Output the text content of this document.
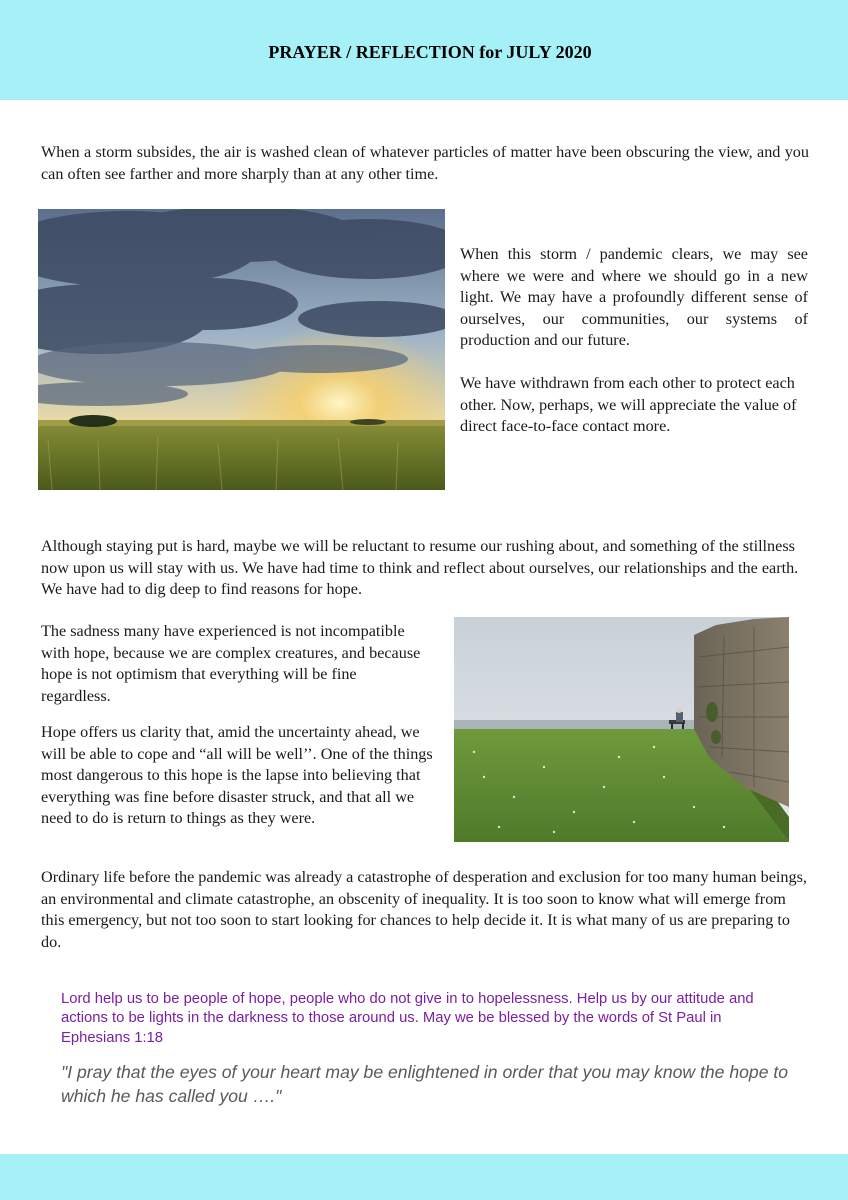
PRAYER / REFLECTION for JULY 2020

When a storm subsides, the air is washed clean of whatever particles of matter have been obscuring the view, and you can often see farther and more sharply than at any other time.

When this storm / pandemic clears, we may see where we were and where we should go in a new light. We may have a profoundly different sense of ourselves, our communities, our systems of production and our future.

We have withdrawn from each other to protect each other. Now, perhaps, we will appreciate the value of direct face-to-face contact more.

Although staying put is hard, maybe we will be reluctant to resume our rushing about, and something of the stillness now upon us will stay with us. We have had time to think and reflect about ourselves, our relationships and the earth. We have had to dig deep to find reasons for hope.

The sadness many have experienced is not incompatible with hope, because we are complex creatures, and because hope is not optimism that everything will be fine regardless.

Hope offers us clarity that, amid the uncertainty ahead, we will be able to cope and “all will be well’’. One of the things most dangerous to this hope is the lapse into believing that everything was fine before disaster struck, and that all we need to do is return to things as they were.

Ordinary life before the pandemic was already a catastrophe of desperation and exclusion for too many human beings, an environmental and climate catastrophe, an obscenity of inequality. It is too soon to know what will emerge from this emergency, but not too soon to start looking for chances to help decide it. It is what many of us are preparing to do.

Lord help us to be people of hope, people who do not give in to hopelessness. Help us by our attitude and actions to be lights in the darkness to those around us. May we be blessed by the words of St Paul in Ephesians 1:18
"I pray that the eyes of your heart may be enlightened in order that you may know the hope to which he has called you …."
